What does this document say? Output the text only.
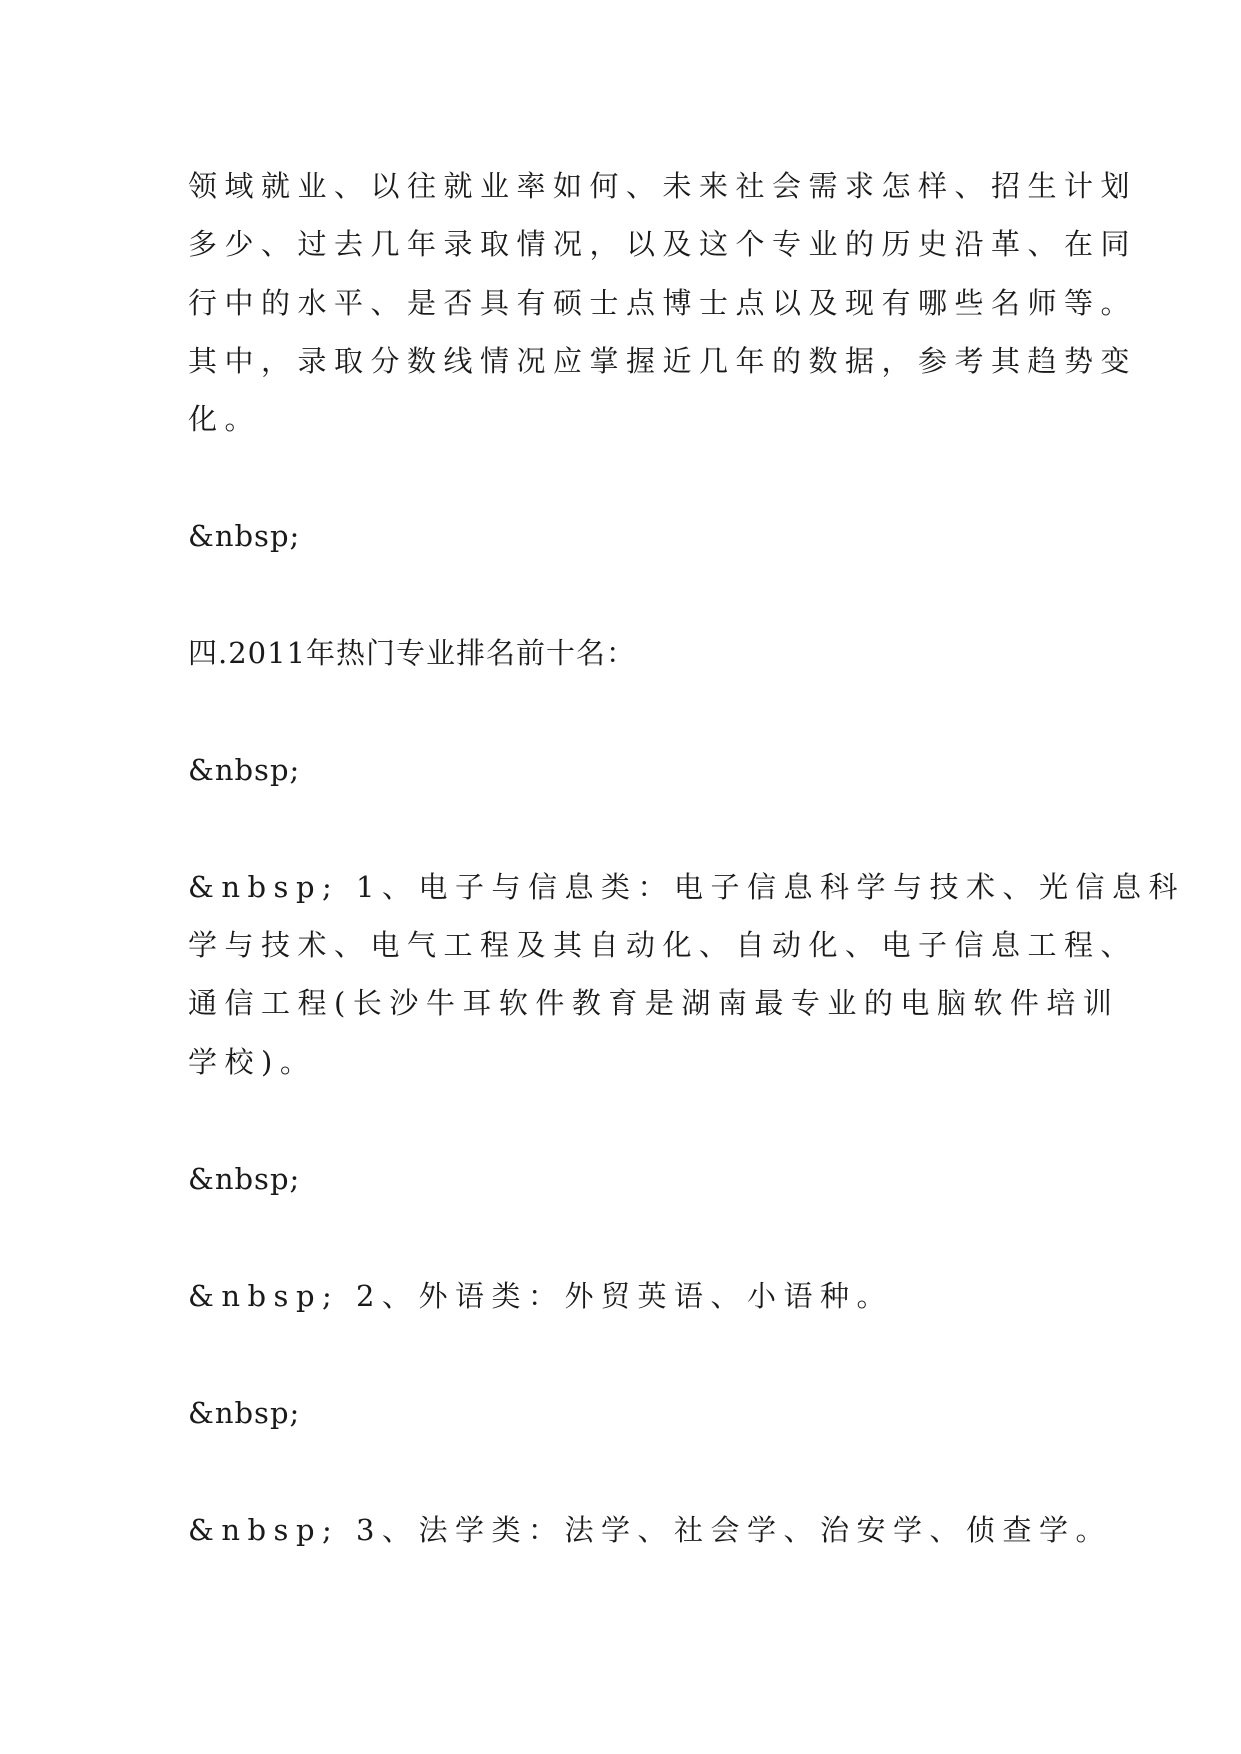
领域就业、以往就业率如何、未来社会需求怎样、招生计划
多少、过去几年录取情况，以及这个专业的历史沿革、在同
行中的水平、是否具有硕士点博士点以及现有哪些名师等。
其中，录取分数线情况应掌握近几年的数据，参考其趋势变
化。
&nbsp;
四.2011年热门专业排名前十名：
&nbsp;
&nbsp; 1、电子与信息类：电子信息科学与技术、光信息科
学与技术、电气工程及其自动化、自动化、电子信息工程、
通信工程(长沙牛耳软件教育是湖南最专业的电脑软件培训
学校)。
&nbsp;
&nbsp; 2、外语类：外贸英语、小语种。
&nbsp;
&nbsp; 3、法学类：法学、社会学、治安学、侦查学。
